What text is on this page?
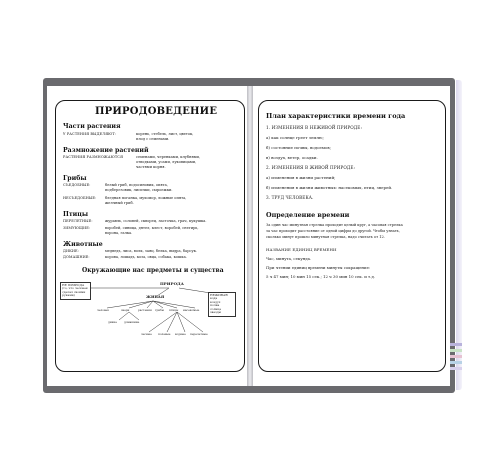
ПРИРОДОВЕДЕНИЕ
Части растения
У РАСТЕНИЯ ВЫДЕЛЯЮТ:	корень, стебель, лист, цветок,
плод с семенами.
Размножение растений
РАСТЕНИЯ РАЗМНОЖАЮТСЯ	семенами, черенками, клубнями,
отводками, усами, луковицами,
частями корня.
Грибы
СЪЕДОБНЫЕ:	белый гриб, подосиновик, опята,
подберезовик, лисички, сыроежки.
НЕСЪЕДОБНЫЕ: бледная поганка, мухомор, ложные опята,
желчный гриб.
Птицы
ПЕРЕЛЕТНЫЕ:	журавль, соловей, скворец, ласточка, грач, кукушка.
ЗИМУЮЩИЕ:	воробей, синица, дятел, клест, воробей, снегирь,
ворона, галка.
Животные
ДИКИЕ:	медведь, лиса, волк, заяц, белка, выдра, барсук.
ДОМАШНИЕ:	корова, лошадь, коза, овца, собака, кошка.
Окружающие нас предметы и существа
НЕ ПРИРОДА
(то, что человек
сделал своими
руками)
ПРИРОДА
ЖИВАЯ	НЕЖИВАЯ
вода
воздух
почва
солнце
звезды
человек	звери	растения грибы птицы насекомые
дикие	домашние
лесные полевые водные перелетные
План характеристики времени года
1. ИЗМЕНЕНИЯ В НЕЖИВОЙ ПРИРОДЕ:
а) как солнце греет землю;
б) состояние почвы, водоемов;
в) воздух, ветер, осадки.
2. ИЗМЕНЕНИЯ В ЖИВОЙ ПРИРОДЕ:
а) изменения в жизни растений;
б) изменения в жизни животных: насекомых, птиц, зверей.
3. ТРУД ЧЕЛОВЕКА.
Определение времени
За один час минутная стрелка проходит целый круг, а часовая стрелка
за час проходит расстояние от одной цифры до другой. Чтобы узнать,
сколько минут прошло минутная стрелка, надо считать от 12.
НАЗВАНИЕ ЕДИНИЦ ВРЕМЕНИ
Час, минута, секунда.
При чтении единиц времени минуты сокращение:
5 ч 47 мин; 10 мин 15 сек.; 12 ч 30 мин 10 сек. и т.д.
